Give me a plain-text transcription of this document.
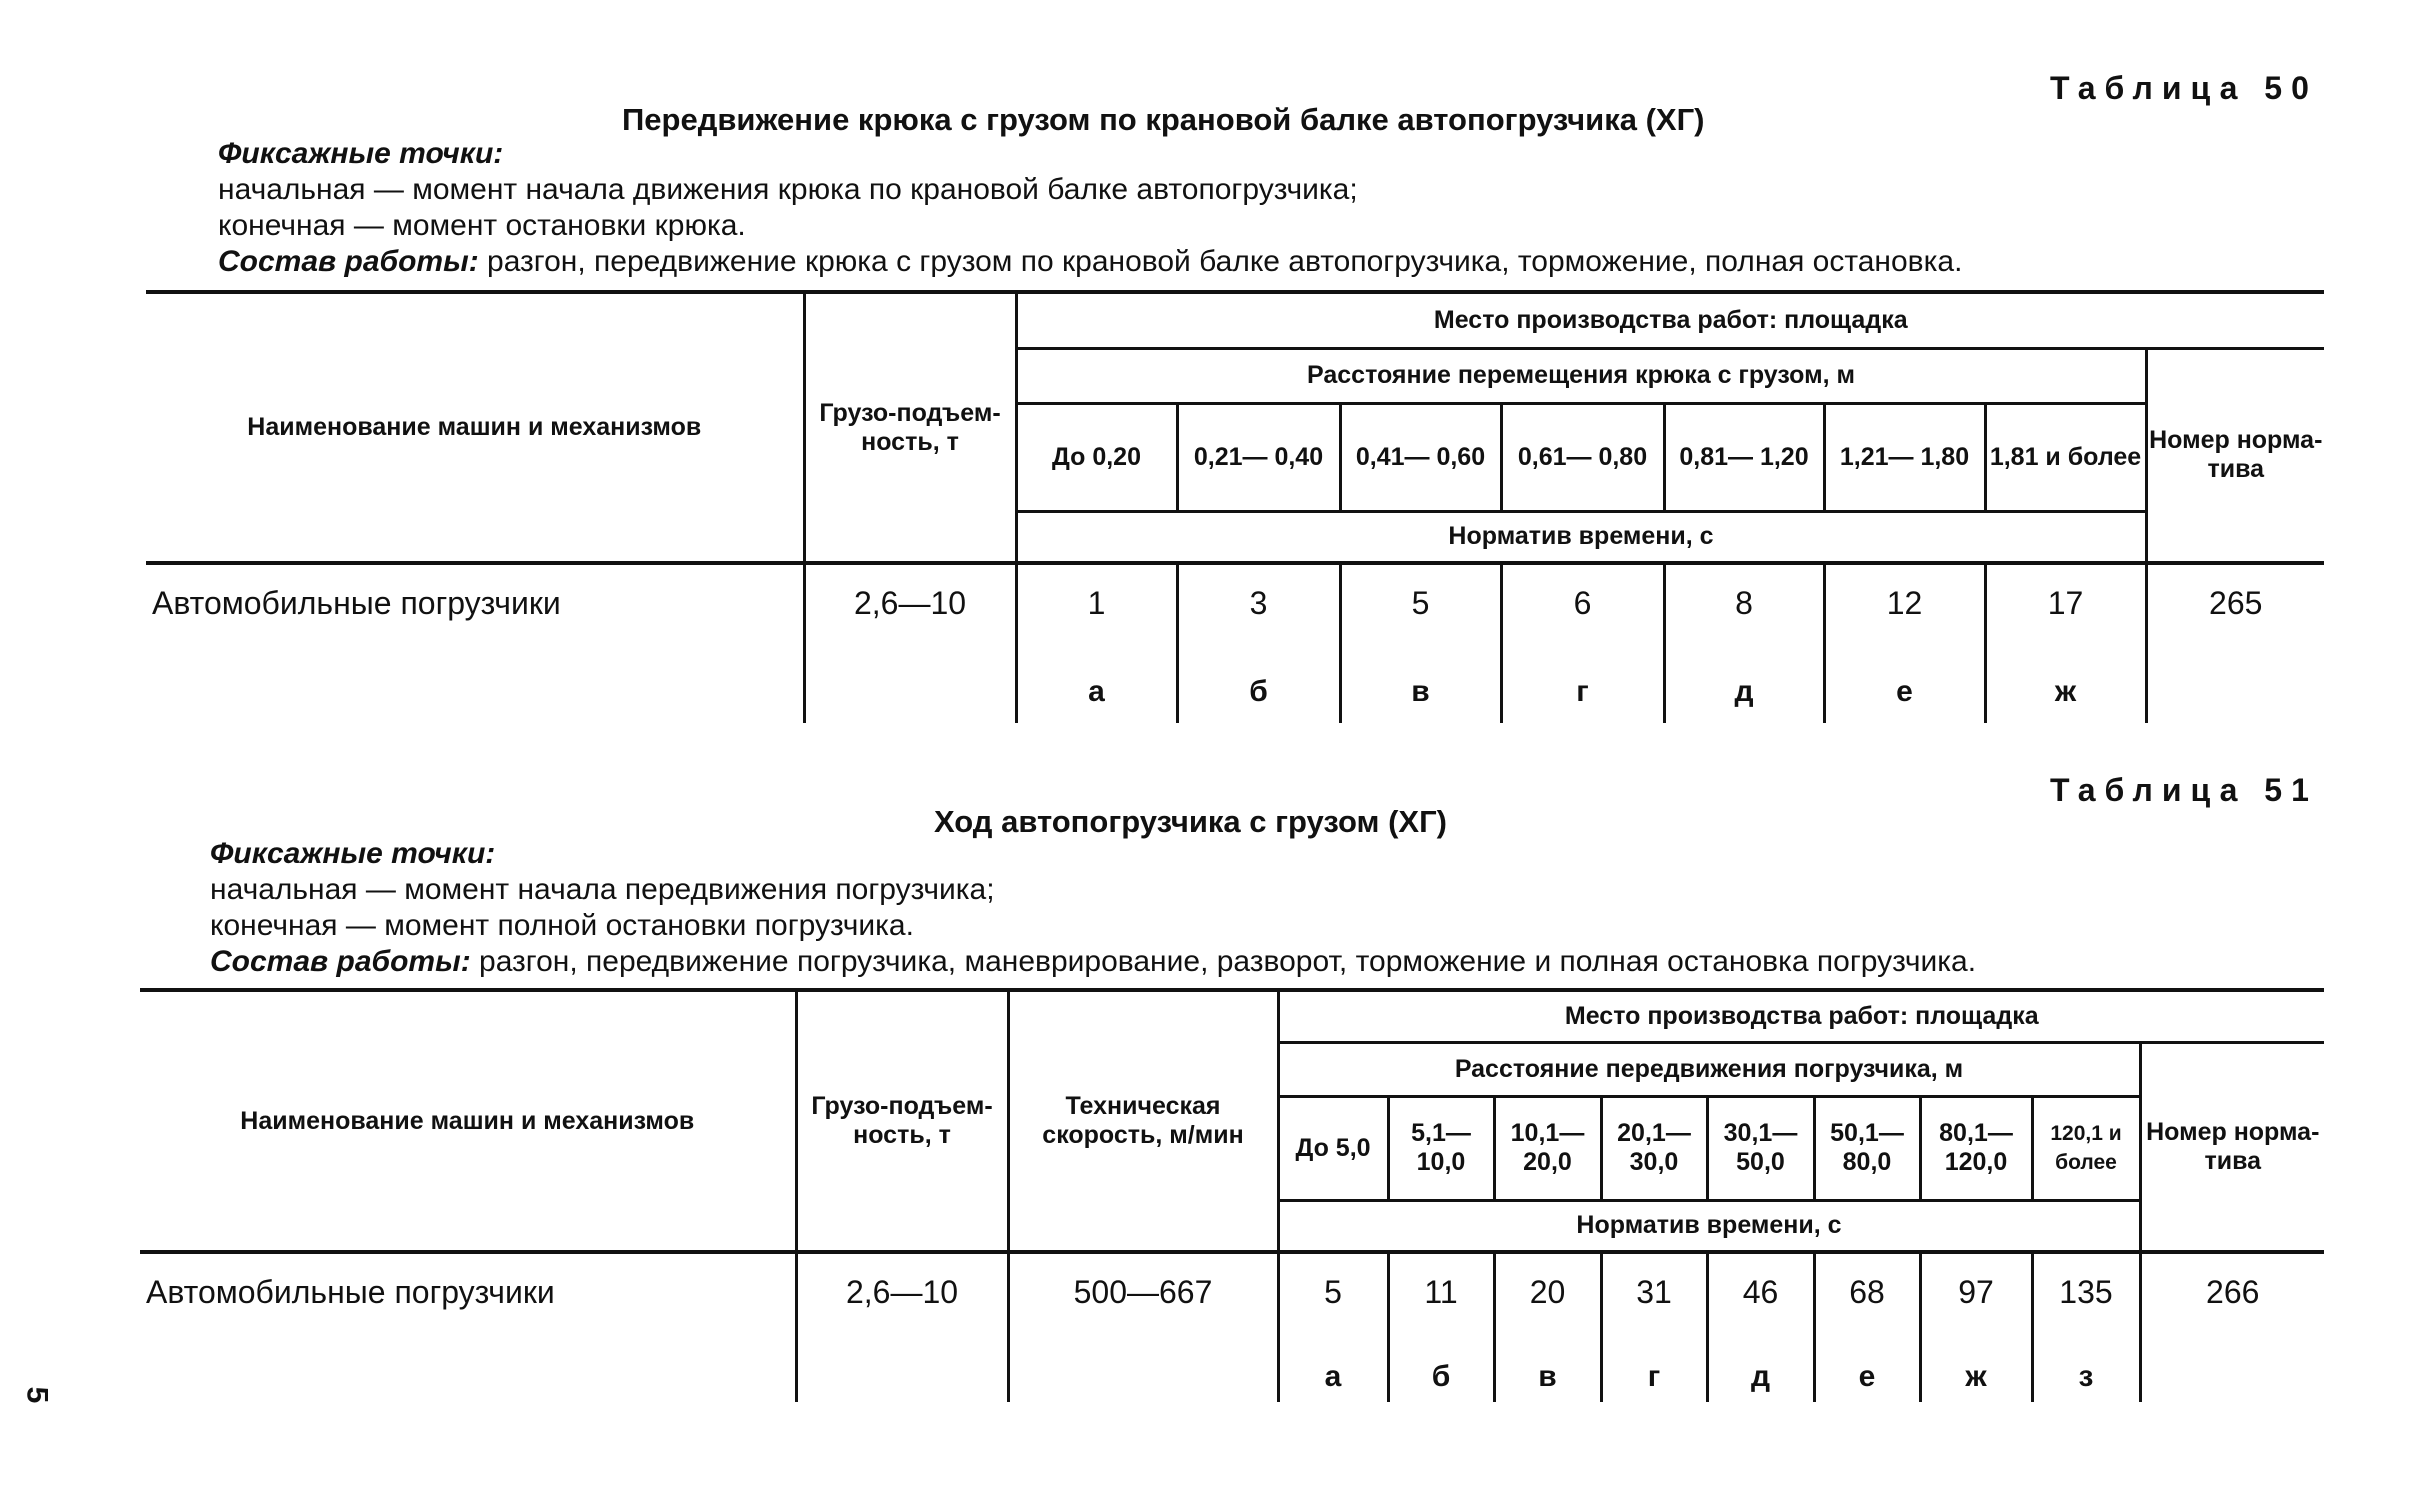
Таблица 50
Передвижение крюка с грузом по крановой балке автопогрузчика (ХГ)
Фиксажные точки:
начальная — момент начала движения крюка по крановой балке автопогрузчика;
конечная — момент остановки крюка.
Состав работы: разгон, передвижение крюка с грузом по крановой балке автопогрузчика, торможение, полная остановка.
Наименование машин и механизмов	Грузо-подъем-ность, т	Место производства работ: площадка							
		Расстояние перемещения крюка с грузом, м							Номер норма-тива
		До 0,20	0,21— 0,40	0,41— 0,60	0,61— 0,80	0,81— 1,20	1,21— 1,80	1,81 и более	
		Норматив времени, с							
Автомобильные погрузчики	2,6—10	1	3	5	6	8	12	17	265
		а	б	в	г	д	е	ж	
Таблица 51
Ход автопогрузчика с грузом (ХГ)
Фиксажные точки:
начальная — момент начала передвижения погрузчика;
конечная — момент полной остановки погрузчика.
Состав работы: разгон, передвижение погрузчика, маневрирование, разворот, торможение и полная остановка погрузчика.
Наименование машин и механизмов	Грузо-подъем-ность, т	Техническая скорость, м/мин	Место производства работ: площадка								
			Расстояние передвижения погрузчика, м								Номер норма-тива
			До 5,0	5,1— 10,0	10,1— 20,0	20,1— 30,0	30,1— 50,0	50,1— 80,0	80,1— 120,0	120,1 и более	
			Норматив времени, с								
Автомобильные погрузчики	2,6—10	500—667	5	11	20	31	46	68	97	135	266
			а	б	в	г	д	е	ж	з	
5
